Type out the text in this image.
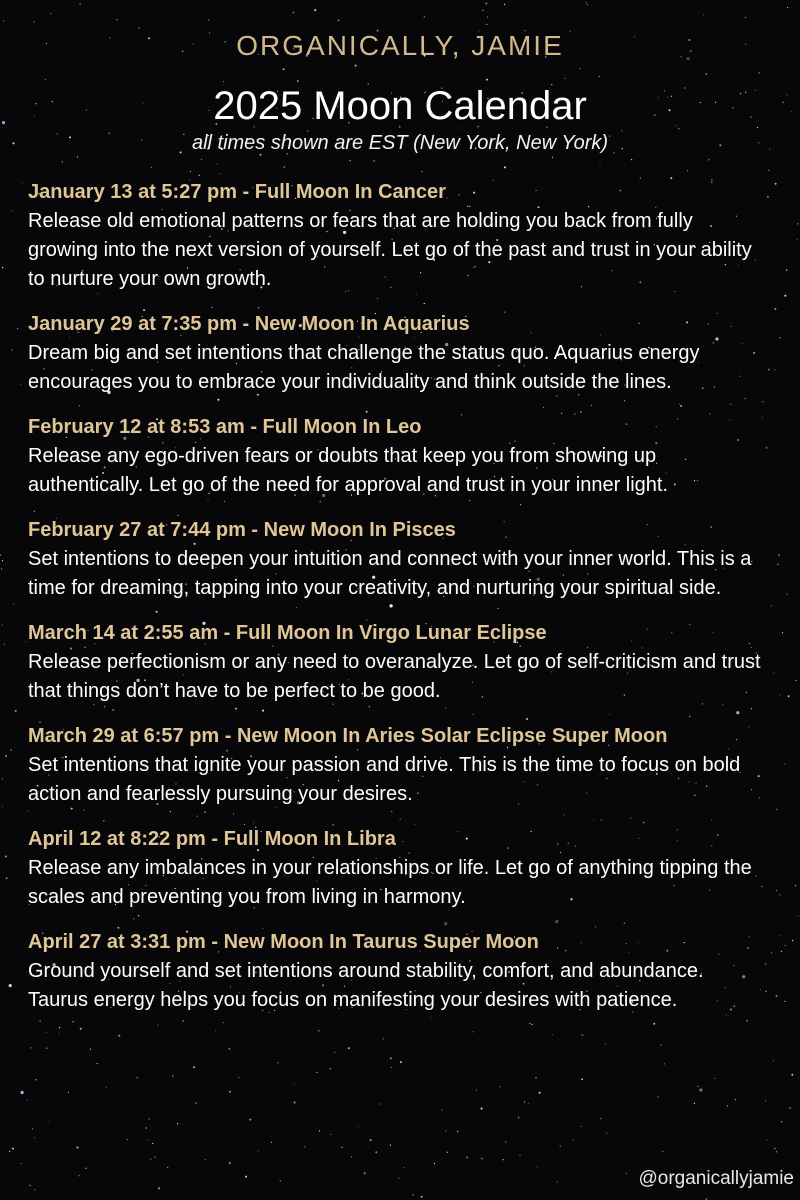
ORGANICALLY, JAMIE
2025 Moon Calendar
all times shown are EST (New York, New York)
January 13 at 5:27 pm - Full Moon In Cancer
Release old emotional patterns or fears that are holding you back from fully growing into the next version of yourself. Let go of the past and trust in your ability to nurture your own growth.
January 29 at 7:35 pm - New Moon In Aquarius
Dream big and set intentions that challenge the status quo. Aquarius energy encourages you to embrace your individuality and think outside the lines.
February 12 at 8:53 am - Full Moon In Leo
Release any ego-driven fears or doubts that keep you from showing up authentically. Let go of the need for approval and trust in your inner light.
February 27 at 7:44 pm - New Moon In Pisces
Set intentions to deepen your intuition and connect with your inner world. This is a time for dreaming, tapping into your creativity, and nurturing your spiritual side.
March 14 at 2:55 am - Full Moon In Virgo Lunar Eclipse
Release perfectionism or any need to overanalyze. Let go of self-criticism and trust that things don’t have to be perfect to be good.
March 29 at 6:57 pm - New Moon In Aries Solar Eclipse Super Moon
Set intentions that ignite your passion and drive. This is the time to focus on bold action and fearlessly pursuing your desires.
April 12 at 8:22 pm - Full Moon In Libra
Release any imbalances in your relationships or life. Let go of anything tipping the scales and preventing you from living in harmony.
April 27 at 3:31 pm - New Moon In Taurus Super Moon
Ground yourself and set intentions around stability, comfort, and abundance. Taurus energy helps you focus on manifesting your desires with patience.
@organicallyjamie
